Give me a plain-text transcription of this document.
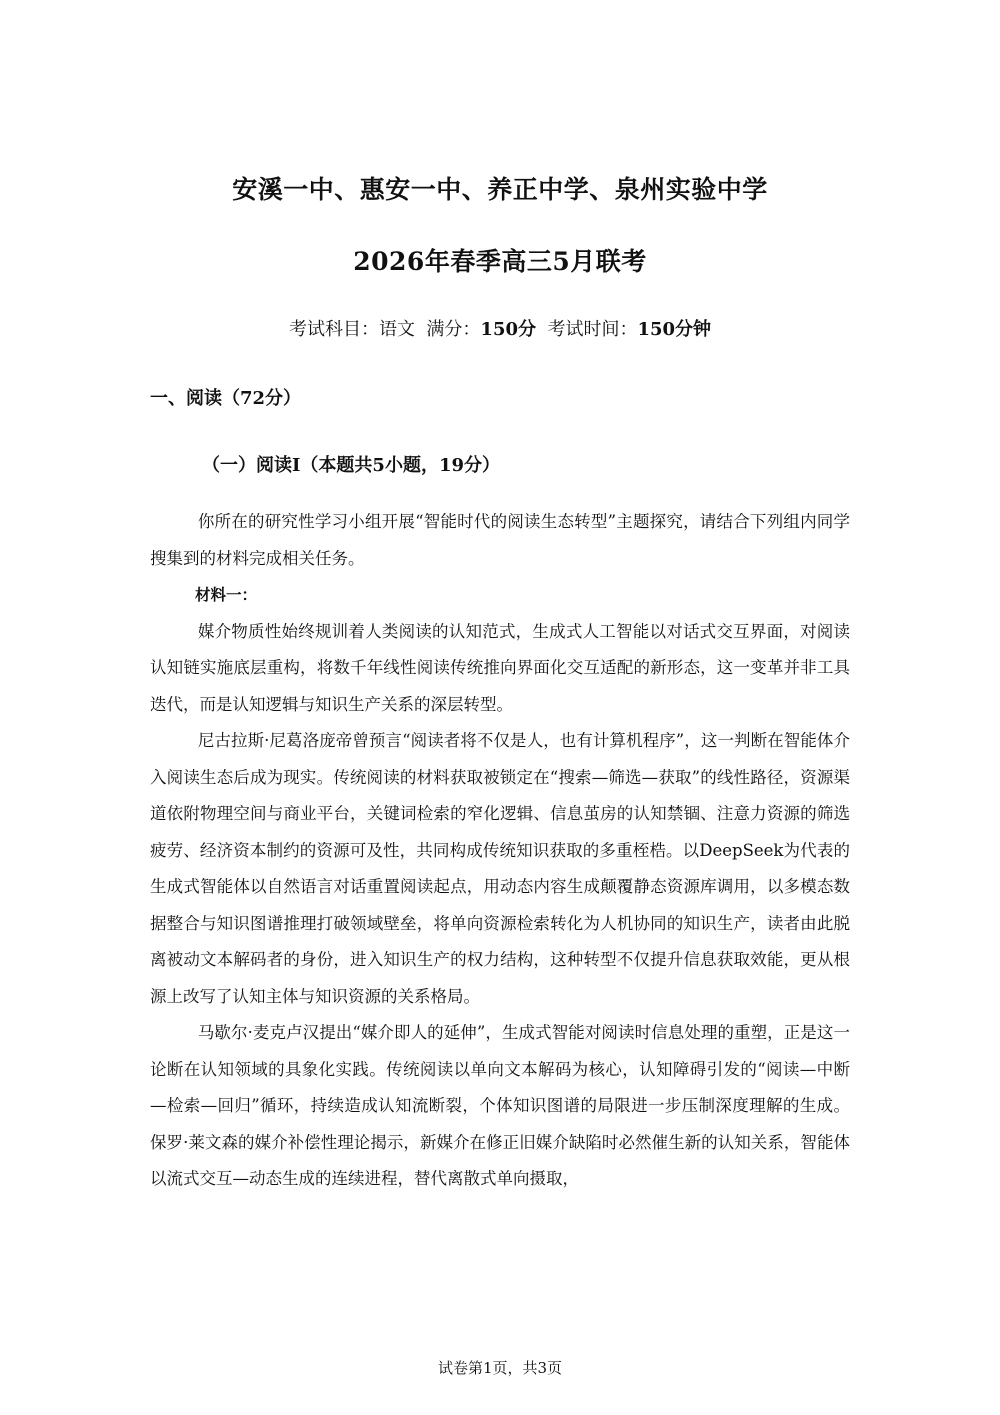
安溪一中、惠安一中、养正中学、泉州实验中学
2026年春季高三5月联考
考试科目：语文 满分：150分 考试时间：150分钟
一、阅读（72分）
（一）阅读Ⅰ（本题共5小题，19分）

你所在的研究性学习小组开展“智能时代的阅读生态转型”主题探究，请结合下列组内同学搜集到的材料完成相关任务。

材料一：

媒介物质性始终规训着人类阅读的认知范式，生成式人工智能以对话式交互界面，对阅读认知链实施底层重构，将数千年线性阅读传统推向界面化交互适配的新形态，这一变革并非工具迭代，而是认知逻辑与知识生产关系的深层转型。

尼古拉斯·尼葛洛庞帝曾预言“阅读者将不仅是人，也有计算机程序”，这一判断在智能体介入阅读生态后成为现实。传统阅读的材料获取被锁定在“搜索—筛选—获取”的线性路径，资源渠道依附物理空间与商业平台，关键词检索的窄化逻辑、信息茧房的认知禁锢、注意力资源的筛选疲劳、经济资本制约的资源可及性，共同构成传统知识获取的多重桎梏。以DeepSeek为代表的生成式智能体以自然语言对话重置阅读起点，用动态内容生成颠覆静态资源库调用，以多模态数据整合与知识图谱推理打破领域壁垒，将单向资源检索转化为人机协同的知识生产，读者由此脱离被动文本解码者的身份，进入知识生产的权力结构，这种转型不仅提升信息获取效能，更从根源上改写了认知主体与知识资源的关系格局。

马歇尔·麦克卢汉提出“媒介即人的延伸”，生成式智能对阅读时信息处理的重塑，正是这一论断在认知领域的具象化实践。传统阅读以单向文本解码为核心，认知障碍引发的“阅读—中断—检索—回归”循环，持续造成认知流断裂，个体知识图谱的局限进一步压制深度理解的生成。保罗·莱文森的媒介补偿性理论揭示，新媒介在修正旧媒介缺陷时必然催生新的认知关系，智能体以流式交互—动态生成的连续进程，替代离散式单向摄取，

试卷第1页，共3页
